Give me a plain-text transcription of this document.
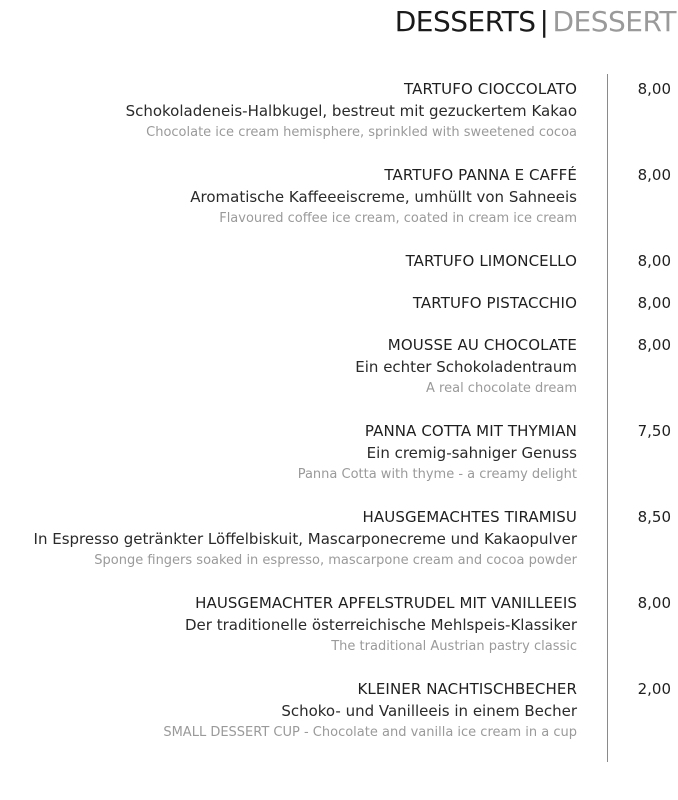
DESSERTS | DESSERT
TARTUFO CIOCCOLATO
Schokoladeneis-Halbkugel, bestreut mit gezuckertem Kakao
Chocolate ice cream hemisphere, sprinkled with sweetened cocoa
8,00
TARTUFO PANNA E CAFFÉ
Aromatische Kaffeeeiscreme, umhüllt von Sahneeis
Flavoured coffee ice cream, coated in cream ice cream
8,00
TARTUFO LIMONCELLO	8,00
TARTUFO PISTACCHIO	8,00
MOUSSE AU CHOCOLATE
Ein echter Schokoladentraum
A real chocolate dream
8,00
PANNA COTTA MIT THYMIAN
Ein cremig-sahniger Genuss
Panna Cotta with thyme - a creamy delight
7,50
HAUSGEMACHTES TIRAMISU
In Espresso getränkter Löffelbiskuit, Mascarponecreme und Kakaopulver
Sponge fingers soaked in espresso, mascarpone cream and cocoa powder
8,50
HAUSGEMACHTER APFELSTRUDEL MIT VANILLEEIS
Der traditionelle österreichische Mehlspeis-Klassiker
The traditional Austrian pastry classic
8,00
KLEINER NACHTISCHBECHER
Schoko- und Vanilleeis in einem Becher
SMALL DESSERT CUP - Chocolate and vanilla ice cream in a cup
2,00
